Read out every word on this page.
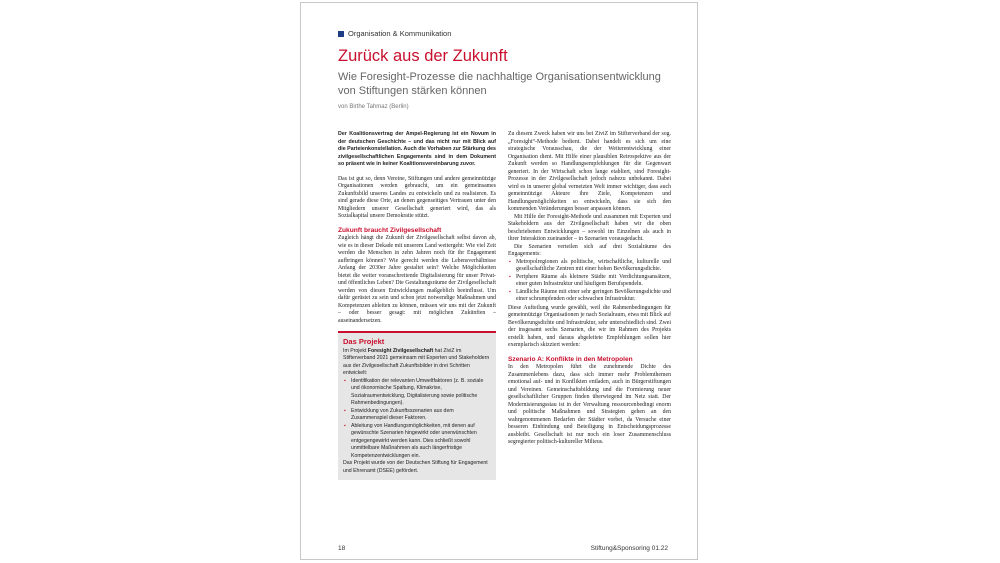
Organisation & Kommunikation
Zurück aus der Zukunft
Wie Foresight-Prozesse die nachhaltige Organisationsentwicklung von Stiftungen stärken können
von Birthe Tahmaz (Berlin)

Der Koalitionsvertrag der Ampel-Regierung ist ein Novum in der deutschen Geschichte – und das nicht nur mit Blick auf die Parteienkonstellation. Auch die Vorhaben zur Stärkung des zivilgesellschaftlichen Engagements sind in dem Dokument so präsent wie in keiner Koalitionsvereinbarung zuvor.

Das ist gut so, denn Vereine, Stiftungen und andere gemeinnützige Organisationen werden gebraucht, um ein gemeinsames Zukunftsbild unseres Landes zu entwickeln und zu realisieren. Es sind gerade diese Orte, an denen gegenseitiges Vertrauen unter den Mitgliedern unserer Gesellschaft generiert wird, das als Sozialkapital unsere Demokratie stützt.

Zukunft braucht Zivilgesellschaft

Zugleich hängt die Zukunft der Zivilgesellschaft selbst davon ab, wie es in dieser Dekade mit unserem Land weitergeht: Wie viel Zeit werden die Menschen in zehn Jahren noch für ihr Engagement aufbringen können? Wie gerecht werden die Lebensverhältnisse Anfang der 2030er Jahre gestaltet sein? Welche Möglichkeiten bietet die weiter voranschreitende Digitalisierung für unser Privat- und öffentliches Leben? Die Gestaltungsräume der Zivilgesellschaft werden von diesen Entwicklungen maßgeblich beeinflusst. Um dafür gerüstet zu sein und schon jetzt notwendige Maßnahmen und Kompetenzen ableiten zu können, müssen wir uns mit der Zukunft – oder besser gesagt: mit möglichen Zukünften – auseinandersetzen.

Das Projekt

Im Projekt Foresight Zivilgesellschaft hat ZiviZ im Stifterverband 2021 gemeinsam mit Experten und Stakeholdern aus der Zivilgesellschaft Zukunftsbilder in drei Schritten entwickelt:

▪ Identifikation der relevanten Umweltfaktoren (z. B. soziale und ökonomische Spaltung, Klimakrise, Sozialraumentwicklung, Digitalisierung sowie politische Rahmenbedingungen).
▪ Entwicklung von Zukunftsszenarien aus dem Zusammenspiel dieser Faktoren.
▪ Ableitung von Handlungsmöglichkeiten, mit denen auf gewünschte Szenarien hingewirkt oder unerwünschten entgegengewirkt werden kann. Dies schließt sowohl unmittelbare Maßnahmen als auch längerfristige Kompetenzentwicklungen ein.

Das Projekt wurde von der Deutschen Stiftung für Engagement und Ehrenamt (DSEE) gefördert.

Zu diesem Zweck haben wir uns bei ZiviZ im Stifterverband der sog. „Foresight“-Methode bedient. Dabei handelt es sich um eine strategische Vorausschau, die der Weiterentwicklung einer Organisation dient. Mit Hilfe einer plausiblen Retrospektive aus der Zukunft werden so Handlungsempfehlungen für die Gegenwart generiert. In der Wirtschaft schon lange etabliert, sind Foresight-Prozesse in der Zivilgesellschaft jedoch nahezu unbekannt. Dabei wird es in unserer global vernetzten Welt immer wichtiger, dass auch gemeinnützige Akteure ihre Ziele, Kompetenzen und Handlungsmöglichkeiten so entwickeln, dass sie sich den kommenden Veränderungen besser anpassen können.

Mit Hilfe der Foresight-Methode und zusammen mit Experten und Stakeholdern aus der Zivilgesellschaft haben wir die oben beschriebenen Entwicklungen – sowohl im Einzelnen als auch in ihrer Interaktion zueinander – in Szenarien vorausgedacht.

Die Szenarien verteilen sich auf drei Sozialräume des Engagements:

▪ Metropolregionen als politische, wirtschaftliche, kulturelle und gesellschaftliche Zentren mit einer hohen Bevölkerungsdichte.
▪ Periphere Räume als kleinere Städte mit Verdichtungsansätzen, einer guten Infrastruktur und häufigem Berufspendeln.
▪ Ländliche Räume mit einer sehr geringen Bevölkerungsdichte und einer schrumpfenden oder schwachen Infrastruktur.

Diese Aufteilung wurde gewählt, weil die Rahmenbedingungen für gemeinnützige Organisationen je nach Sozialraum, etwa mit Blick auf Bevölkerungsdichte und Infrastruktur, sehr unterschiedlich sind. Zwei der insgesamt sechs Szenarien, die wir im Rahmen des Projekts erstellt haben, und daraus abgeleitete Empfehlungen sollen hier exemplarisch skizziert werden:

Szenario A: Konflikte in den Metropolen

In den Metropolen führt die zunehmende Dichte des Zusammenlebens dazu, dass sich immer mehr Problemthemen emotional auf- und in Konflikten entladen, auch in Bürgerstiftungen und Vereinen. Gemeinschaftsbildung und die Formierung neuer gesellschaftlicher Gruppen finden überwiegend im Netz statt. Der Modernisierungsstau ist in der Verwaltung ressourcenbedingt enorm und politische Maßnahmen und Strategien gehen an den wahrgenommenen Bedarfen der Städter vorbei, da Versuche einer besseren Einbindung und Beteiligung in Entscheidungsprozesse ausbleibt. Gesellschaft ist nur noch ein loser Zusammenschluss segregierter politisch-kultureller Milieus.

18	Stiftung&Sponsoring 01.22
